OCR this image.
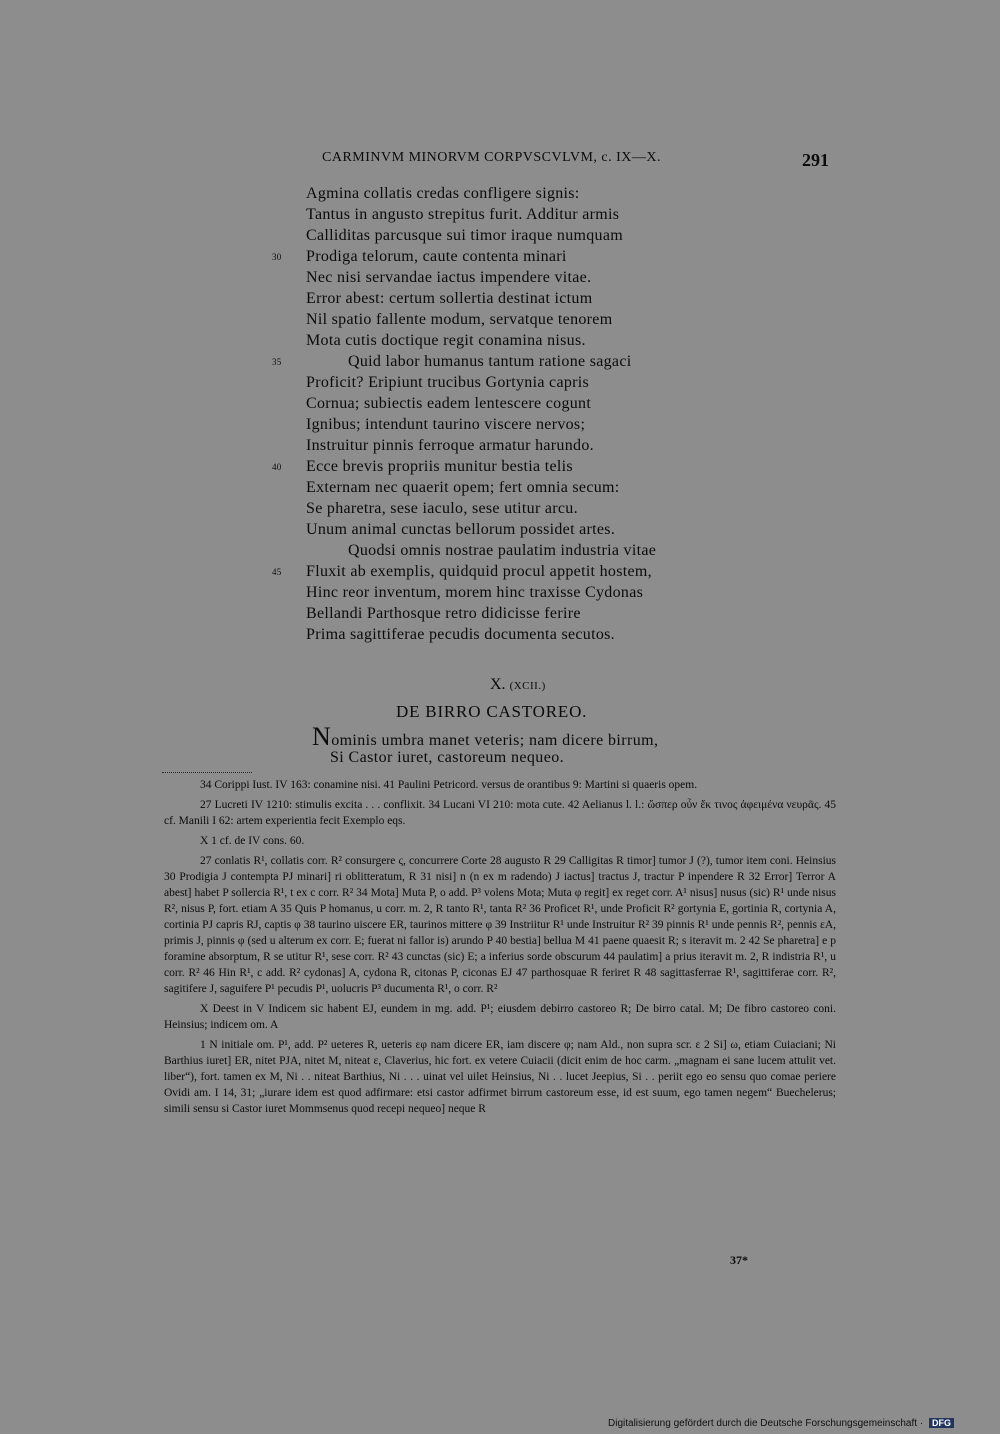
CARMINVM MINORVM CORPVSCVLVM, c. IX—X.	291
Agmina collatis credas confligere signis:
Tantus in angusto strepitus furit. Additur armis
Calliditas parcusque sui timor iraque numquam
30 Prodiga telorum, caute contenta minari
Nec nisi servandae iactus impendere vitae.
Error abest: certum sollertia destinat ictum
Nil spatio fallente modum, servatque tenorem
Mota cutis doctique regit conamina nisus.
35	Quid labor humanus tantum ratione sagaci
Proficit? Eripiunt trucibus Gortynia capris
Cornua; subiectis eadem lentescere cogunt
Ignibus; intendunt taurino viscere nervos;
Instruitur pinnis ferroque armatur harundo.
40 Ecce brevis propriis munitur bestia telis
Externam nec quaerit opem; fert omnia secum:
Se pharetra, sese iaculo, sese utitur arcu.
Unum animal cunctas bellorum possidet artes.
Quodsi omnis nostrae paulatim industria vitae
45 Fluxit ab exemplis, quidquid procul appetit hostem,
Hinc reor inventum, morem hinc traxisse Cydonas
Bellandi Parthosque retro didicisse ferire
Prima sagittiferae pecudis documenta secutos.
X. (XCII.)
DE BIRRO CASTOREO.
Nominis umbra manet veteris; nam dicere birrum,
Si Castor iuret, castoreum nequeo.

34 Corippi Iust. IV 163: conamine nisi. 41 Paulini Petricord. versus de orantibus 9: Martini si quaeris opem.

27 Lucreti IV 1210: stimulis excita . . . conflixit. 34 Lucani VI 210: mota cute. 42 Aelianus l. l.: ὥσπερ οὖν ἔκ τινος ἀφειμένα νευρᾶς. 45 cf. Manili I 62: artem experientia fecit Exemplo eqs.

X 1 cf. de IV cons. 60.

27 conlatis R¹, collatis corr. R² consurgere ς, concurrere Corte 28 augusto R 29 Calligitas R timor] tumor J (?), tumor item coni. Heinsius 30 Prodigia J contempta PJ minari] ri oblitteratum, R 31 nisi] n (n ex m radendo) J iactus] tractus J, tractur P inpendere R 32 Error] Terror A abest] habet P sollercia R¹, t ex c corr. R² 34 Mota] Muta P, o add. P³ volens Mota; Muta φ regit] ex reget corr. A¹ nisus] nusus (sic) R¹ unde nisus R², nisus P, fort. etiam A 35 Quis P homanus, u corr. m. 2, R tanto R¹, tanta R² 36 Proficet R¹, unde Proficit R² gortynia E, gortinia R, cortynia A, cortinia PJ capris RJ, captis φ 38 taurino uiscere ER, taurinos mittere φ 39 Instriitur R¹ unde Instruitur R² 39 pinnis R¹ unde pennis R², pennis εA, primis J, pinnis φ (sed u alterum ex corr. E; fuerat ni fallor is) arundo P 40 bestia] bellua M 41 paene quaesit R; s iteravit m. 2 42 Se pharetra] e p foramine absorptum, R se utitur R¹, sese corr. R² 43 cunctas (sic) E; a inferius sorde obscurum 44 paulatim] a prius iteravit m. 2, R indistria R¹, u corr. R² 46 Hin R¹, c add. R² cydonas] A, cydona R, citonas P, ciconas EJ 47 parthosquae R feriret R 48 sagittasferrae R¹, sagittiferae corr. R², sagitifere J, saguifere P¹ pecudis P¹, uolucris P³ ducumenta R¹, o corr. R²

X Deest in V Indicem sic habent EJ, eundem in mg. add. P¹; eiusdem debirro castoreo R; De birro catal. M; De fibro castoreo coni. Heinsius; indicem om. A

1 N initiale om. P¹, add. P² ueteres R, ueteris εφ nam dicere ER, iam discere φ; nam Ald., non supra scr. ε 2 Si] ω, etiam Cuiaciani; Ni Barthius iuret] ER, nitet PJA, nitet M, niteat ε, Claverius, hic fort. ex vetere Cuiacii (dicit enim de hoc carm. „magnam ei sane lucem attulit vet. liber“), fort. tamen ex M, Ni . . niteat Barthius, Ni . . . uinat vel uilet Heinsius, Ni . . lucet Jeepius, Si . . periit ego eo sensu quo comae periere Ovidi am. I 14, 31; „iurare idem est quod adfirmare: etsi castor adfirmet birrum castoreum esse, id est suum, ego tamen negem“ Buechelerus; simili sensu si Castor iuret Mommsenus quod recepi nequeo] neque R

37*
Digitalisierung gefördert durch die Deutsche Forschungsgemeinschaft · DFG
